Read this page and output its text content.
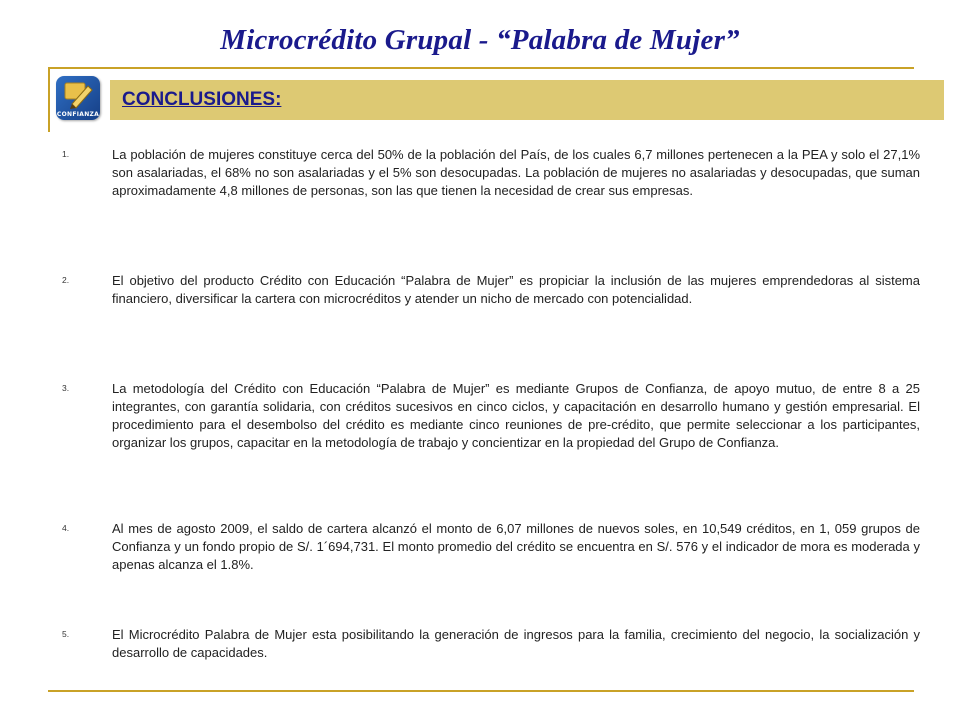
Microcrédito Grupal - “Palabra de Mujer”
CONFIANZA
CONCLUSIONES:
1.	La población de mujeres constituye cerca del 50% de la población del País, de los cuales 6,7 millones pertenecen a la PEA y solo el 27,1% son asalariadas, el 68% no son asalariadas y el 5% son desocupadas. La población de mujeres no asalariadas y desocupadas, que suman aproximadamente 4,8 millones de personas, son las que tienen la necesidad de crear sus empresas.
2.	El objetivo del producto Crédito con Educación “Palabra de Mujer” es propiciar la inclusión de las mujeres emprendedoras al sistema financiero, diversificar la cartera con microcréditos y atender un nicho de mercado con potencialidad.
3.	La metodología del Crédito con Educación “Palabra de Mujer” es mediante Grupos de Confianza, de apoyo mutuo, de entre 8 a 25 integrantes, con garantía solidaria, con créditos sucesivos en cinco ciclos, y capacitación en desarrollo humano y gestión empresarial. El procedimiento para el desembolso del crédito es mediante cinco reuniones de pre-crédito, que permite seleccionar a los participantes, organizar los grupos, capacitar en la metodología de trabajo y concientizar en la propiedad del Grupo de Confianza.
4.	Al mes de agosto 2009, el saldo de cartera alcanzó el monto de 6,07 millones de nuevos soles, en 10,549 créditos, en 1, 059 grupos de Confianza y un fondo propio de S/. 1´694,731. El monto promedio del crédito se encuentra en S/. 576 y el indicador de mora es moderada y apenas alcanza el 1.8%.
5.	El Microcrédito Palabra de Mujer esta posibilitando la generación de ingresos para la familia, crecimiento del negocio, la socialización y desarrollo de capacidades.
